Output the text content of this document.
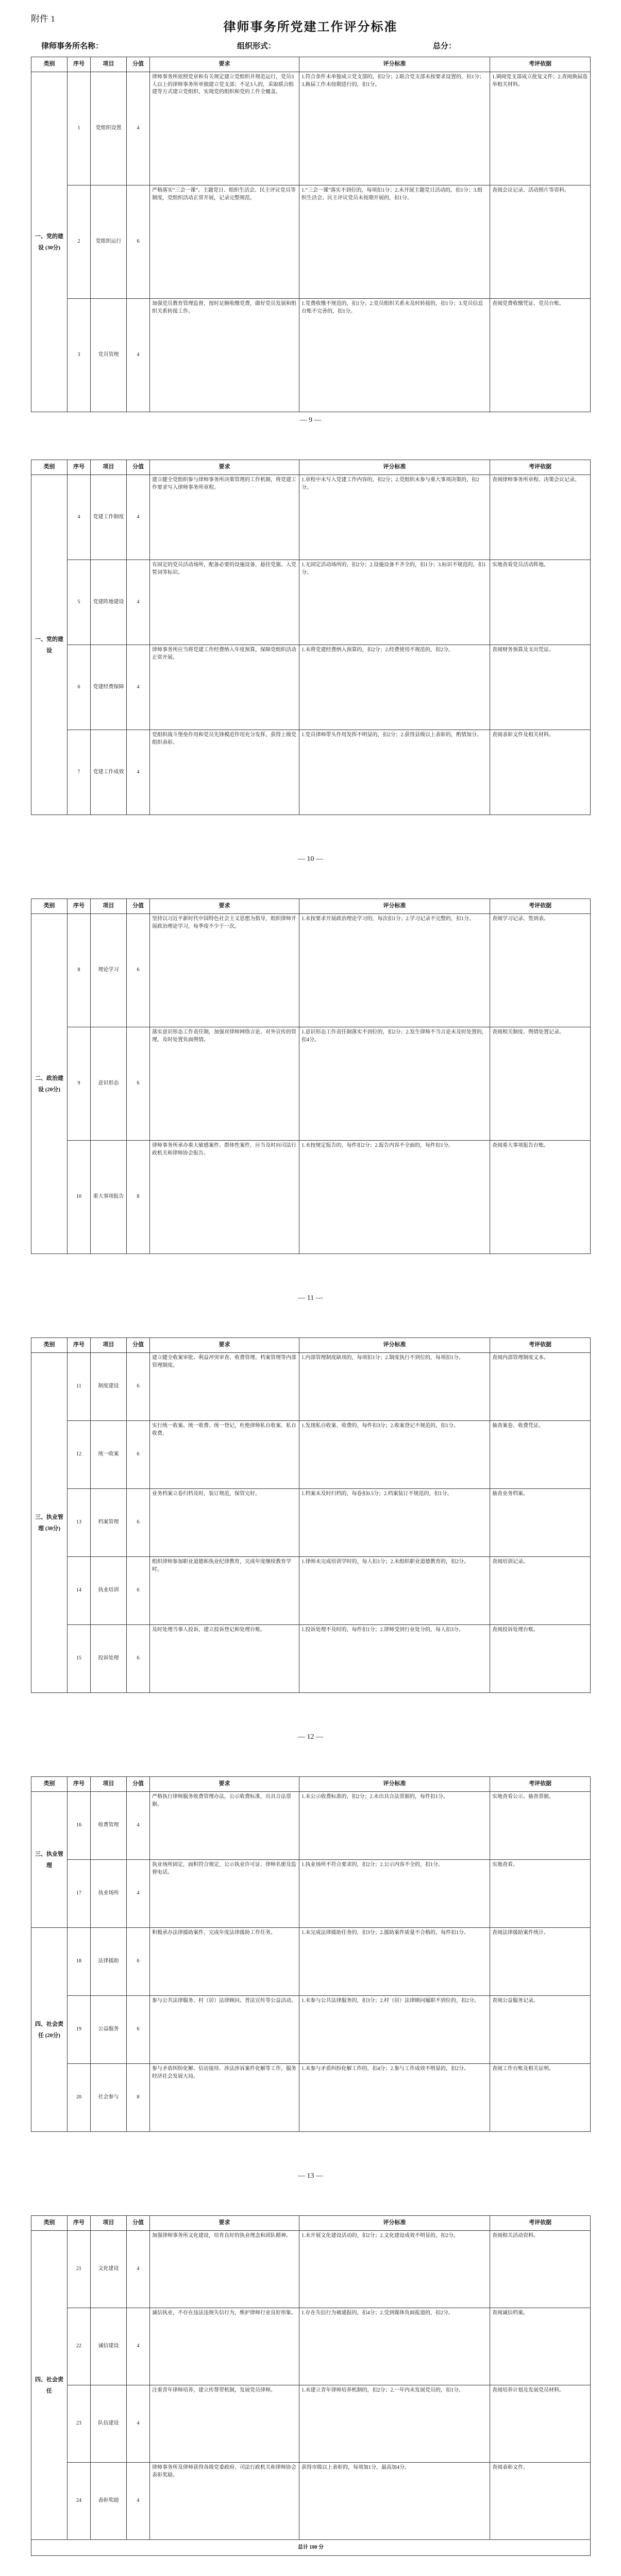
附件 1
律师事务所党建工作评分标准
律师事务所名称：	组织形式：	总分：
类别	序号	项目	分值	要求	评分标准	考评依据
一、党的建设 (30分)	1	党组织设置	4	律师事务所依照党章和有关规定建立党组织并规范运行，党员3人以上的律师事务所单独建立党支部；不足3人的，采取联合组建等方式建立党组织，实现党的组织和党的工作全覆盖。	1.符合条件未单独成立党支部的，扣2分；2.联合党支部未按要求设置的，扣1分；3.换届工作未按期进行的，扣1分。	1.调阅党支部成立批复文件；2.查阅换届选举相关材料。
	2	党组织运行	6	严格落实“三会一课”、主题党日、组织生活会、民主评议党员等制度，党组织活动正常开展，记录完整规范。	1.“三会一课”落实不到位的，每项扣1分；2.未开展主题党日活动的，扣1分；3.组织生活会、民主评议党员未按期开展的，扣1分。	查阅会议记录、活动照片等资料。
	3	党员管理	4	加强党员教育管理监督，按时足额收缴党费，做好党员发展和组织关系转接工作。	1.党费收缴不规范的，扣1分；2.党员组织关系未及时转接的，扣1分；3.党员信息台账不完善的，扣1分。	查阅党费收缴凭证、党员台账。
— 9 —
类别	序号	项目	分值	要求	评分标准	考评依据
一、党的建设	4	党建工作制度	4	建立健全党组织参与律师事务所决策管理的工作机制，将党建工作要求写入律师事务所章程。	1.章程中未写入党建工作内容的，扣2分；2.党组织未参与重大事项决策的，扣2分。	查阅律师事务所章程、决策会议记录。
	5	党建阵地建设	4	有固定的党员活动场所，配备必要的设施设备，悬挂党旗、入党誓词等标识。	1.无固定活动场所的，扣2分；2.设施设备不齐全的，扣1分；3.标识不规范的，扣1分。	实地查看党员活动阵地。
	6	党建经费保障	4	律师事务所应当将党建工作经费纳入年度预算，保障党组织活动正常开展。	1.未将党建经费纳入预算的，扣2分；2.经费使用不规范的，扣2分。	查阅财务预算及支出凭证。
	7	党建工作成效	4	党组织战斗堡垒作用和党员先锋模范作用充分发挥，获得上级党组织表彰。	1.党员律师带头作用发挥不明显的，扣2分；2.获得县级以上表彰的，酌情加分。	查阅表彰文件及相关材料。
— 10 —
类别	序号	项目	分值	要求	评分标准	考评依据
二、政治建设 (20分)	8	理论学习	6	坚持以习近平新时代中国特色社会主义思想为指导，组织律师开展政治理论学习，每季度不少于一次。	1.未按要求开展政治理论学习的，每次扣1分；2.学习记录不完整的，扣1分。	查阅学习记录、签到表。
	9	意识形态	6	落实意识形态工作责任制，加强对律师网络言论、对外宣传的管理，及时处置负面舆情。	1.意识形态工作责任制落实不到位的，扣2分；2.发生律师不当言论未及时处置的，扣4分。	查阅相关制度、舆情处置记录。
	10	重大事项报告	8	律师事务所承办重大敏感案件、群体性案件，应当及时向司法行政机关和律师协会报告。	1.未按规定报告的，每件扣2分；2.报告内容不全面的，每件扣1分。	查阅重大事项报告台账。
— 11 —
类别	序号	项目	分值	要求	评分标准	考评依据
三、执业管理 (30分)	11	制度建设	6	建立健全收案审批、利益冲突审查、收费管理、档案管理等内部管理制度。	1.内部管理制度缺项的，每项扣1分；2.制度执行不到位的，每项扣1分。	查阅内部管理制度文本。
	12	统一收案	6	实行统一收案、统一收费、统一登记，杜绝律师私自收案、私自收费。	1.发现私自收案、收费的，每件扣3分；2.收案登记不规范的，扣1分。	抽查案卷、收费凭证。
	13	档案管理	6	业务档案立卷归档及时，装订规范，保管完好。	1.档案未及时归档的，每卷扣0.5分；2.档案装订不规范的，扣1分。	抽查业务档案。
	14	执业培训	6	组织律师参加职业道德和执业纪律教育，完成年度继续教育学时。	1.律师未完成培训学时的，每人扣1分；2.未组织职业道德教育的，扣2分。	查阅培训记录。
	15	投诉处理	6	及时处理当事人投诉，建立投诉登记和处理台账。	1.投诉处理不及时的，每件扣1分；2.律师受到行业处分的，每人扣3分。	查阅投诉处理台账。
— 12 —
类别	序号	项目	分值	要求	评分标准	考评依据
三、执业管理	16	收费管理	4	严格执行律师服务收费管理办法，公示收费标准，出具合法票据。	1.未公示收费标准的，扣2分；2.未出具合法票据的，每件扣1分。	实地查看公示、抽查票据。
	17	执业场所	4	执业场所固定，面积符合规定，公示执业许可证、律师名册及监督电话。	1.执业场所不符合要求的，扣2分；2.公示内容不全的，扣1分。	实地查看。
四、社会责任 (20分)	18	法律援助	6	积极承办法律援助案件，完成年度法律援助工作任务。	1.未完成法律援助任务的，扣3分；2.援助案件质量不合格的，每件扣1分。	查阅法律援助案件统计。
	19	公益服务	6	参与公共法律服务、村（居）法律顾问、普法宣传等公益活动。	1.未参与公共法律服务的，扣3分；2.村（居）法律顾问履职不到位的，扣2分。	查阅公益服务记录。
	20	社会参与	8	参与矛盾纠纷化解、信访接待、涉法涉诉案件化解等工作，服务经济社会发展大局。	1.未参与矛盾纠纷化解工作的，扣4分；2.参与工作成效不明显的，扣2分。	查阅工作台账及相关证明。
— 13 —
类别	序号	项目	分值	要求	评分标准	考评依据
四、社会责任	21	文化建设	4	加强律师事务所文化建设，培育良好的执业理念和团队精神。	1.未开展文化建设活动的，扣2分；2.文化建设成效不明显的，扣2分。	查阅相关活动资料。
	22	诚信建设	4	诚信执业，不存在违法违规失信行为，维护律师行业良好形象。	1.存在失信行为被通报的，扣4分；2.受到媒体负面报道的，扣2分。	查阅诚信档案。
	23	队伍建设	4	注重青年律师培养，建立传帮带机制，发展党员律师。	1.未建立青年律师培养机制的，扣2分；2.一年内未发展党员的，扣1分。	查阅培养计划及发展党员材料。
	24	表彰奖励	4	律师事务所及律师获得各级党委政府、司法行政机关和律师协会表彰奖励。	获得市级以上表彰的，每项加1分，最高加4分。	查阅表彰文件。
总计 100 分						
